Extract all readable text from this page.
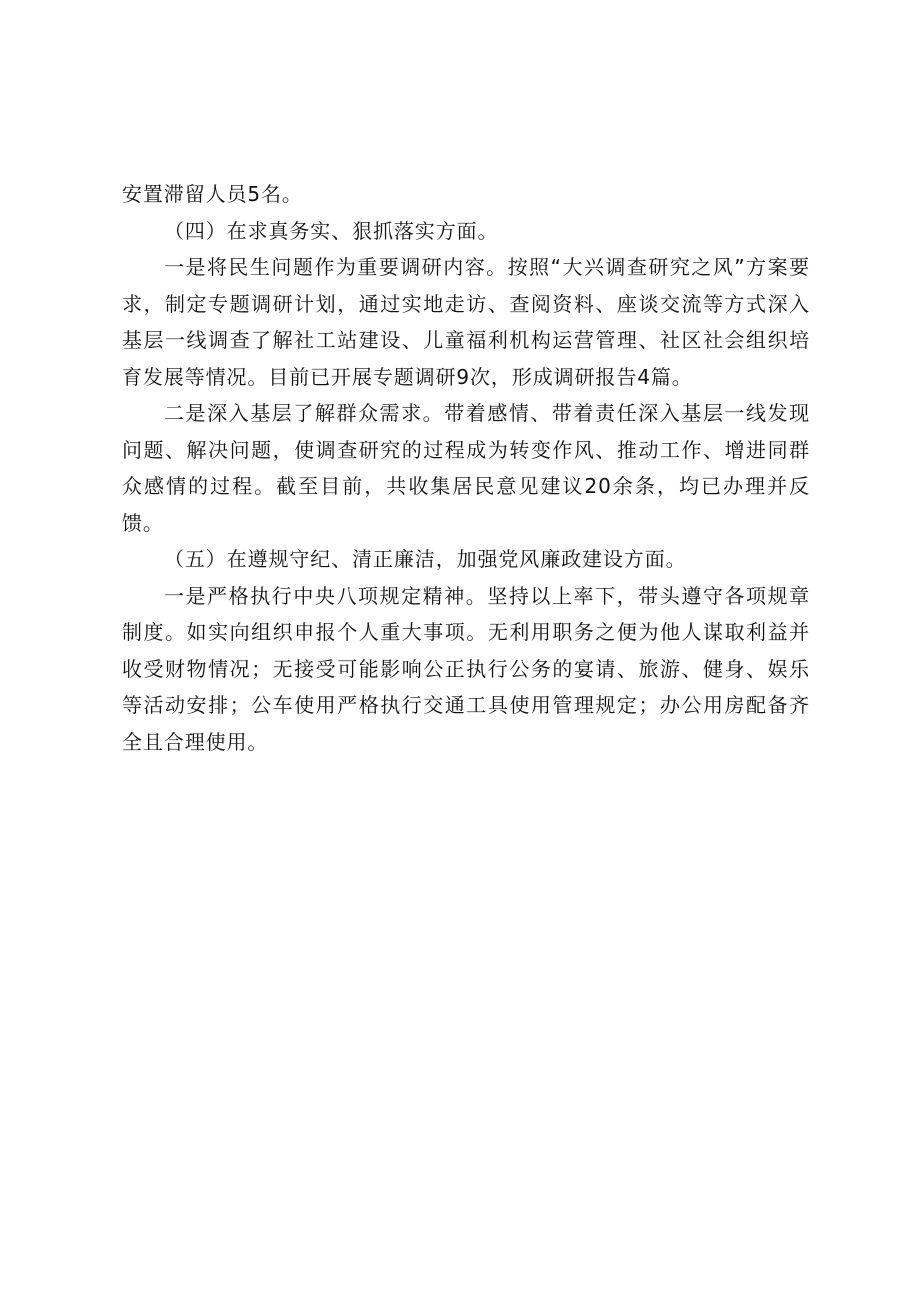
安置滞留人员5名。

（四）在求真务实、狠抓落实方面。

一是将民生问题作为重要调研内容。按照“大兴调查研究之风”方案要求，制定专题调研计划，通过实地走访、查阅资料、座谈交流等方式深入基层一线调查了解社工站建设、儿童福利机构运营管理、社区社会组织培育发展等情况。目前已开展专题调研9次，形成调研报告4篇。

二是深入基层了解群众需求。带着感情、带着责任深入基层一线发现问题、解决问题，使调查研究的过程成为转变作风、推动工作、增进同群众感情的过程。截至目前，共收集居民意见建议20余条，均已办理并反馈。

（五）在遵规守纪、清正廉洁，加强党风廉政建设方面。

一是严格执行中央八项规定精神。坚持以上率下，带头遵守各项规章制度。如实向组织申报个人重大事项。无利用职务之便为他人谋取利益并收受财物情况；无接受可能影响公正执行公务的宴请、旅游、健身、娱乐等活动安排；公车使用严格执行交通工具使用管理规定；办公用房配备齐全且合理使用。
